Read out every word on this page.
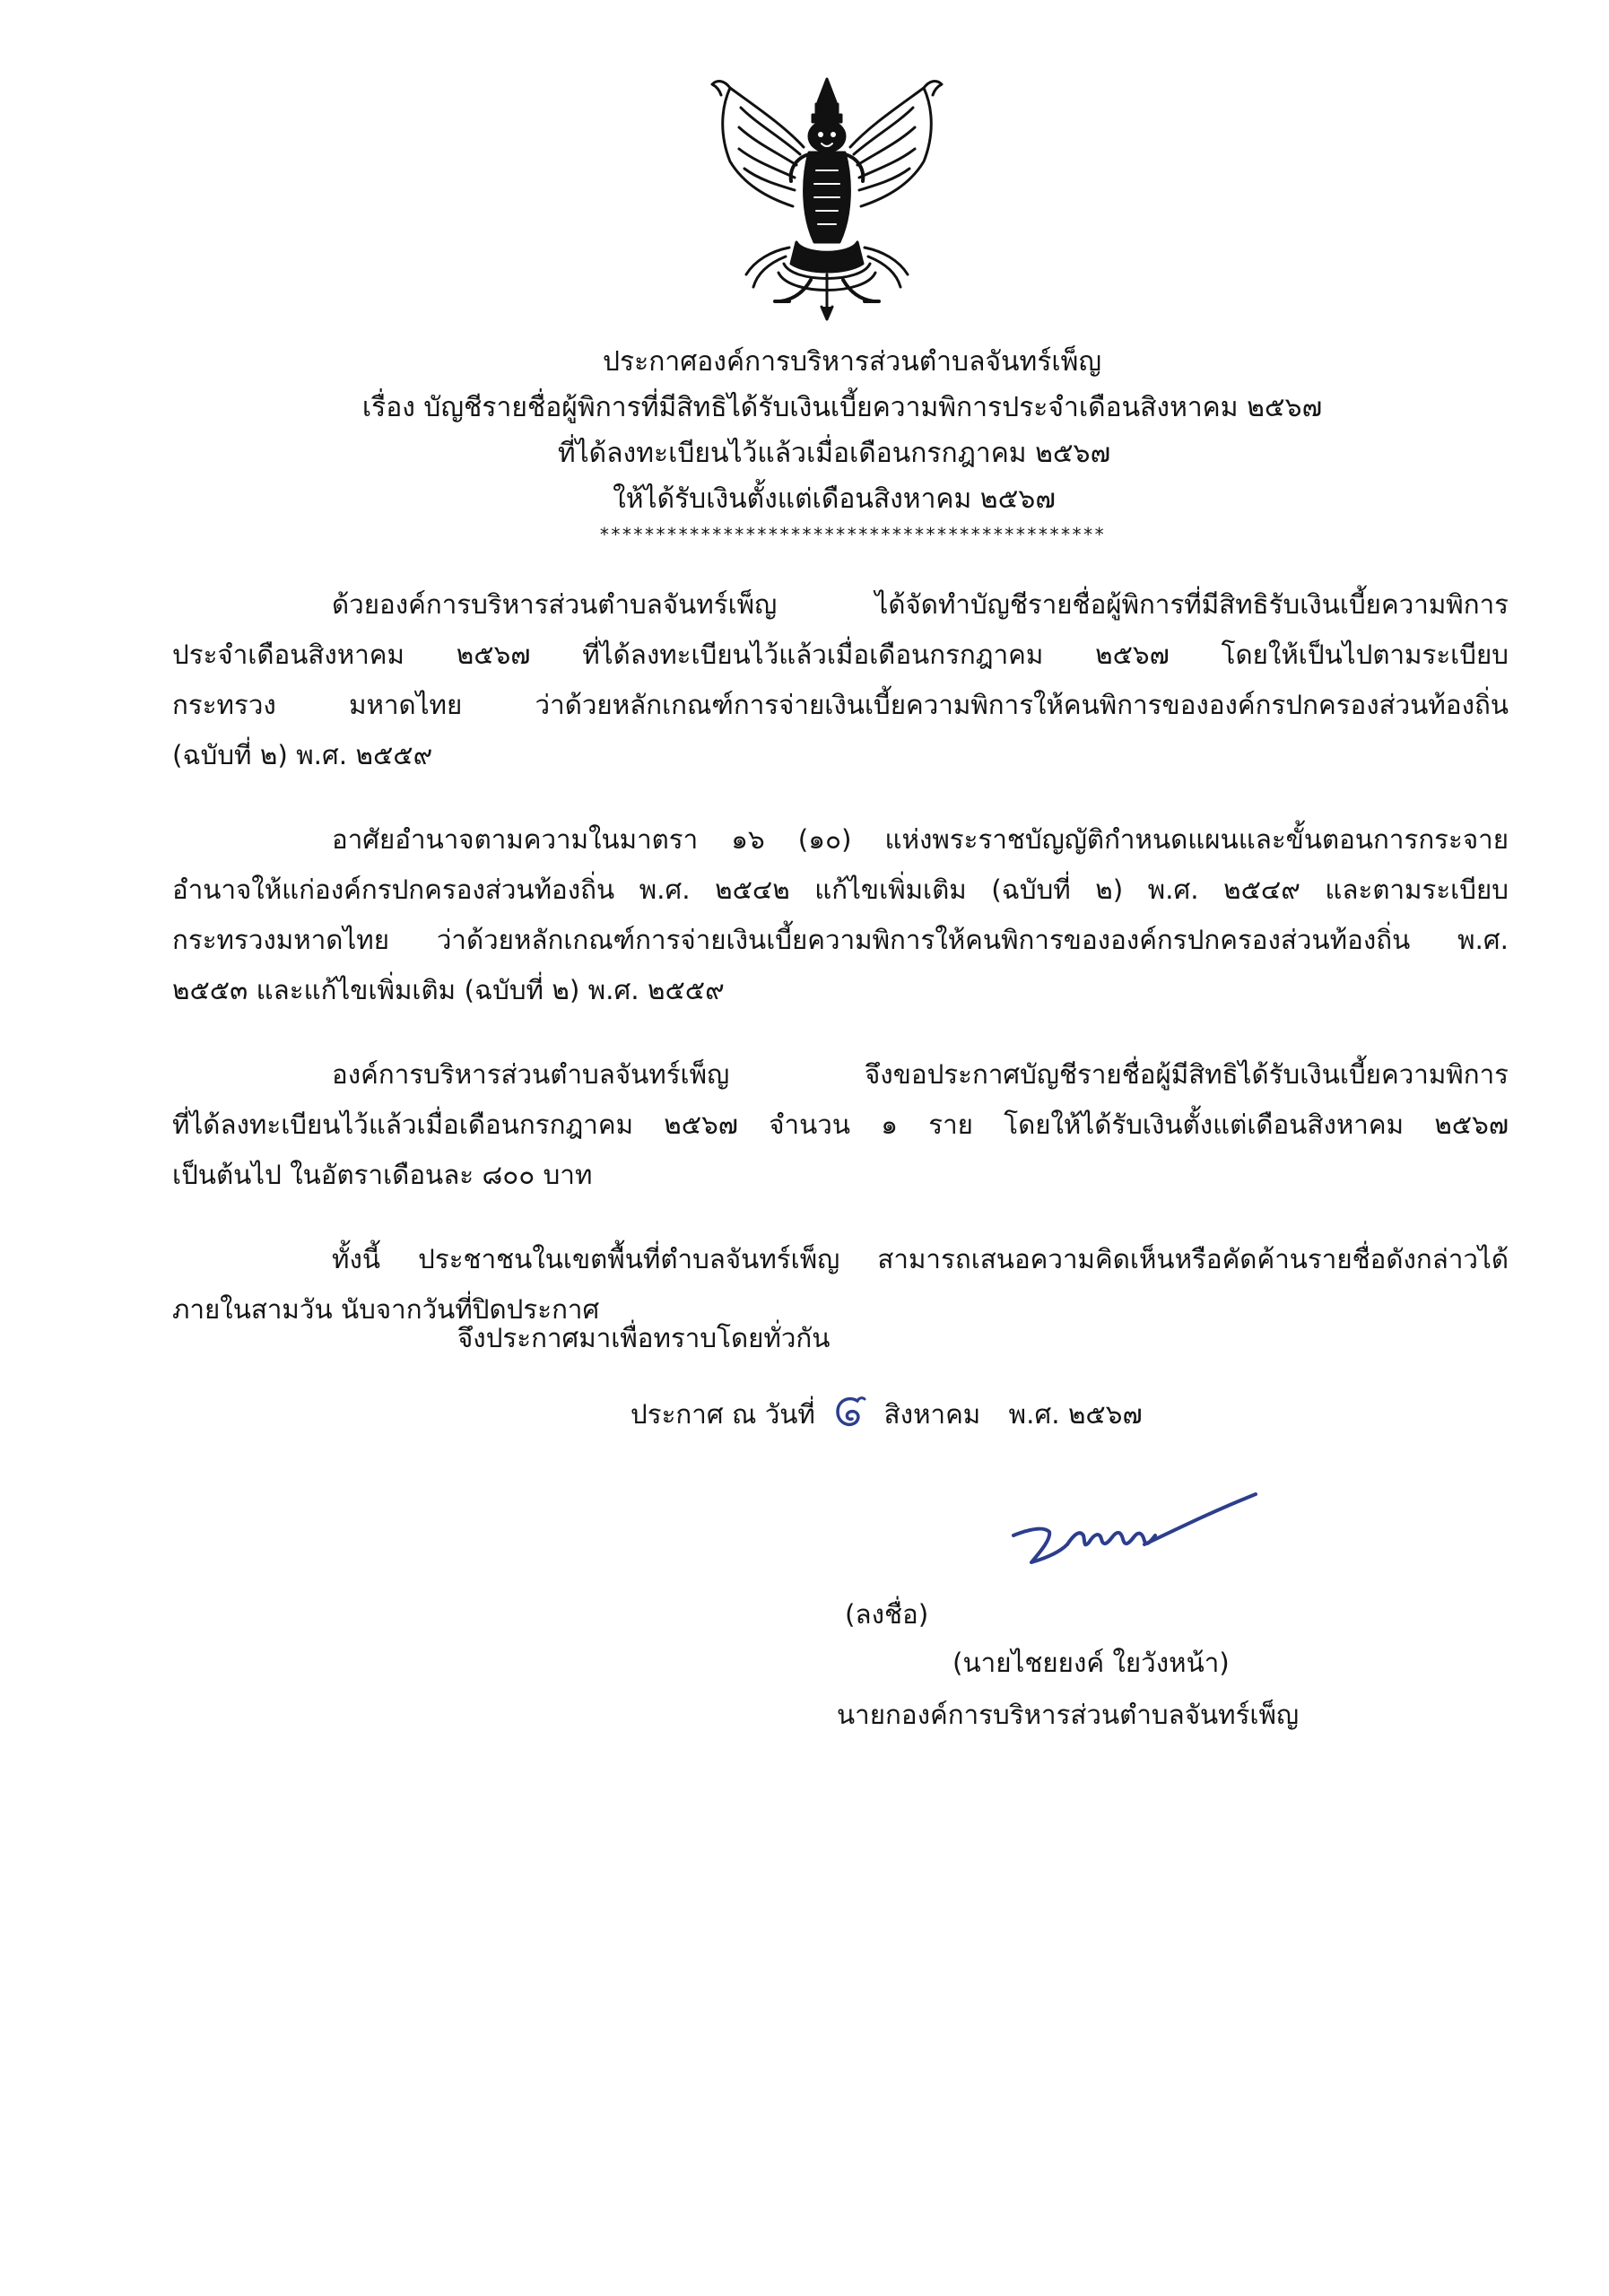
ประกาศองค์การบริหารส่วนตำบลจันทร์เพ็ญ
เรื่อง บัญชีรายชื่อผู้พิการที่มีสิทธิได้รับเงินเบี้ยความพิการประจำเดือนสิงหาคม ๒๕๖๗
ที่ได้ลงทะเบียนไว้แล้วเมื่อเดือนกรกฎาคม ๒๕๖๗
ให้ได้รับเงินตั้งแต่เดือนสิงหาคม ๒๕๖๗
*********************************************
ด้วยองค์การบริหารส่วนตำบลจันทร์เพ็ญ ได้จัดทำบัญชีรายชื่อผู้พิการที่มีสิทธิรับเงินเบี้ยความพิการ
ประจำเดือนสิงหาคม ๒๕๖๗ ที่ได้ลงทะเบียนไว้แล้วเมื่อเดือนกรกฎาคม ๒๕๖๗ โดยให้เป็นไปตามระเบียบ
กระทรวง มหาดไทย ว่าด้วยหลักเกณฑ์การจ่ายเงินเบี้ยความพิการให้คนพิการขององค์กรปกครองส่วนท้องถิ่น
(ฉบับที่ ๒) พ.ศ. ๒๕๕๙
อาศัยอำนาจตามความในมาตรา ๑๖ (๑๐) แห่งพระราชบัญญัติกำหนดแผนและขั้นตอนการกระจาย
อำนาจให้แก่องค์กรปกครองส่วนท้องถิ่น พ.ศ. ๒๕๔๒ แก้ไขเพิ่มเติม (ฉบับที่ ๒) พ.ศ. ๒๕๔๙ และตามระเบียบ
กระทรวงมหาดไทย ว่าด้วยหลักเกณฑ์การจ่ายเงินเบี้ยความพิการให้คนพิการขององค์กรปกครองส่วนท้องถิ่น พ.ศ.
๒๕๕๓ และแก้ไขเพิ่มเติม (ฉบับที่ ๒) พ.ศ. ๒๕๕๙
องค์การบริหารส่วนตำบลจันทร์เพ็ญ จึงขอประกาศบัญชีรายชื่อผู้มีสิทธิได้รับเงินเบี้ยความพิการ
ที่ได้ลงทะเบียนไว้แล้วเมื่อเดือนกรกฎาคม ๒๕๖๗ จำนวน ๑ ราย โดยให้ได้รับเงินตั้งแต่เดือนสิงหาคม ๒๕๖๗
เป็นต้นไป ในอัตราเดือนละ ๘๐๐ บาท
ทั้งนี้ ประชาชนในเขตพื้นที่ตำบลจันทร์เพ็ญ สามารถเสนอความคิดเห็นหรือคัดค้านรายชื่อดังกล่าวได้
ภายในสามวัน นับจากวันที่ปิดประกาศ
จึงประกาศมาเพื่อทราบโดยทั่วกัน
ประกาศ ณ วันที่	สิงหาคม พ.ศ. ๒๕๖๗
(ลงชื่อ)
(นายไชยยงค์ ใยวังหน้า)
นายกองค์การบริหารส่วนตำบลจันทร์เพ็ญ
